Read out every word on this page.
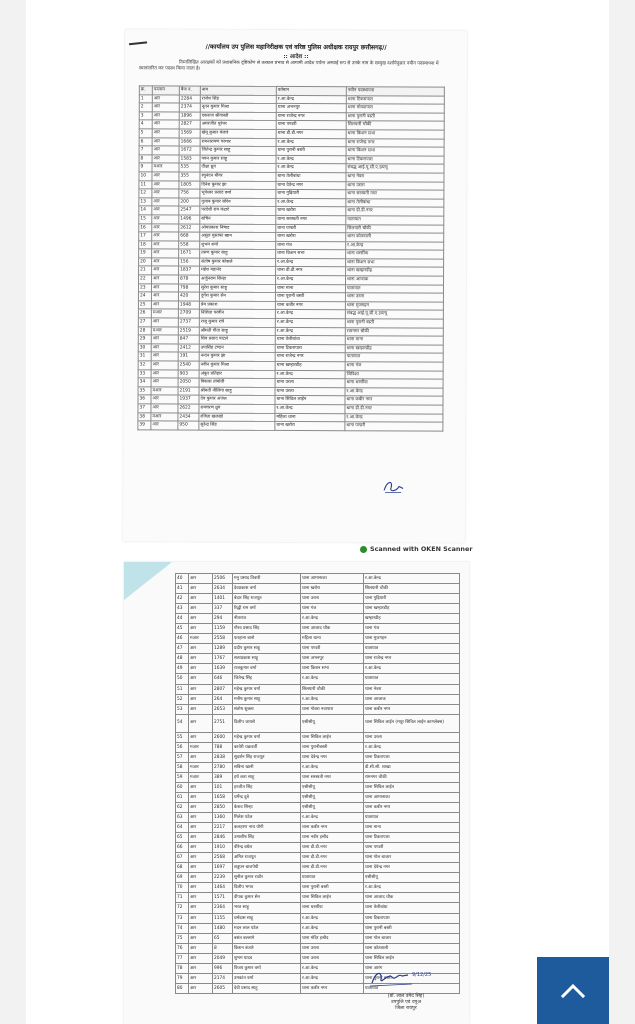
//कार्यालय उप पुलिस महानिरीक्षक एवं वरिष्ठ पुलिस अधीक्षक रायपुर छत्तीसगढ़//
:: आदेश ::
निम्नलिखित आरक्षकों को प्रशासनिक दृष्टिकोण से तत्काल प्रभाव से आगामी आदेश पर्यन्त अस्थाई रूप से उनके नाम के सम्मुख दर्शायेनुसार नवीन पदस्थापना में स्थानांतरित कर पदस्थ किया जाता है।
क्र.	पदनाम	बैज न.	नाम	वर्तमान	नवीन पदस्थापना
1	आर	2284	राजेश सिंह	र.आ.केन्द्र	थाना टिकरापारा
2	आर	2374	नूतन कुमार मिश्रा	थाना अभनपुर	थाना मोवदापारा
3	आर	1896	एकराज श्रीवास्ती	थाना राजेन्द्र नगर	थाना पुरानी बस्ती
4	आर	2827	अमरजीत धुरंधर	थाना पण्डरी	सिलयारी चौकी
5	आर	1569	खेमू कुमार बंजारे	थाना डी.डी.नगर	थाना किशन सभा
6	आर	1666	रामनारायण परमार	र.आ.केन्द्र	थाना राजेन्द्र नगर
7	आर	1672	जितेन्द्र कुमार साहू	थाना पुरानी बस्ती	थाना किशन सभा
8	आर	1583	पवन कुमार साहू	र.आ.केन्द्र	थाना टिकरापारा
9	मआर	535	दीक्षा ध्रुव	र.आ.केन्द्र	संबद्ध आई.यू.सी.ए.डब्ल्यू
10	आर	355	रघुनंदन धीवर	थाना तेलीबांधा	थाना नेवरा
11	आर	1805	दिनेश कुमार झा	थाना देवेन्द्र नगर	थाना उरला
12	आर	756	भूपेश्वर प्रसाद वर्मा	थाना गुढ़ियारी	थाना सरस्वती नगर
13	आर	200	गुलाब कुमार सोरेन	र.आ.केन्द्र	थाना तेलीबांधा
14	आर	2547	परदेशी राम कटारे	थाना खरोरा	थाना डी.डी.नगर
15	आर	1496	सचिन	थाना सरस्वती नगर	यातायात
16	आर	2612	ओमप्रकाश निषाद	थाना पण्डरी	सिलयारी चौकी
17	आर	668	असुल मुस्तफा खान	थाना खरोरा	थाना कोतवाली
18	आर	558	शुभम शर्मा	थाना गंज	र.आ.केन्द्र
19	आर	1671	तरुण कुमार साहू	थाना किशन सभा	थाना धरसींवा
20	आर	156	संतोष कुमार कोसले	र.आ.केन्द्र	थाना किशन सभा
21	आर	1837	महेश महानंद	थाना डी.डी.नगर	थाना खम्हारडीह
22	आर	878	अर्जुनराम सिन्हा	र.आ.केन्द्र	थाना आजाक
23	आर	798	सुरेश कुमार साहू	थाना माना	यातायात
24	आर	420	दुर्गेश कुमार सेन	थाना पुरानी बस्ती	थाना उरला
25	आर	1948	प्रेम प्रकाश	थाना कबीर नगर	थाना मुजगहन
26	मआर	2709	निशिता परवीन	र.आ.केन्द्र	संबद्ध आई.यू.सी.ए.डब्ल्यू
27	आर	2737	राजू कुमार रात्रे	र.आ.केन्द्र	थाना पुरानी बस्ती
28	मआर	2519	श्रीमती गीता साहू	र.आ.केन्द्र	रामनगर चौकी
29	आर	847	शिव प्रसाद पाटले	थाना तेलीबांधा	थाना माना
30	आर	2412	उपासिंह टण्डन	थाना टिकरापारा	थाना खम्हारडीह
31	आर	191	नन्दन कुमार झा	थाना राजेन्द्र नगर	यातायात
32	आर	2540	नवीन कुमार मिश्रा	थाना खम्हारडीह	थाना गंज
33	आर	903	अंकुर प्रतिहार	र.आ.केन्द्र	जिविशा
34	आर	2050	विकास तांबोली	थाना उरला	थाना धरसींवा
35	मआर	2191	श्रीमती नीलिमा साहू	थाना उरला	र.आ.केन्द्र
36	आर	1937	देव कुमार अजल	थाना सिविल लाईन	थाना कबीर नगर
37	आर	2622	रामचरण ध्रुव	र.आ.केन्द्र	थाना डी.डी.नगर
38	मआर	2434	रजिता खलखो	महिला थाना	र.आ.केन्द्र
39	आर	950	सुरेन्द्र सिंह	थाना खरोरा	थाना पण्डरी
Scanned with OKEN Scanner
40	आर	2506	मनु प्रसाद तिवारी	थाना आमानाका	र.आ.केन्द्र
41	आर	2634	देवप्रकाश वर्मा	थाना खरोरा	सिलयारी चौकी
42	आर	1401	बेदार सिंह राजपूत	थाना उरला	थाना गुढ़ियारी
43	आर	337	रिद्धी राम वर्मा	थाना गंज	थाना खम्हारडीह
44	आर	294	नीतराज	र.आ.केन्द्र	खम्हारडीह
45	आर	1159	गौरव प्रसाद सिंह	थाना आजाद चौक	थाना गंज
46	मआर	2558	फरहाना बानो	महिला थाना	थाना मुजगहन
47	आर	1289	प्रदीप कुमार साहू	थाना पण्डरी	यातायात
48	आर	1767	सत्यप्रकाश साहू	थाना अभनपुर	थाना राजेन्द्र नगर
49	आर	1639	राजकुमार वर्मा	थाना किशन सभा	र.आ.केन्द्र
50	आर	646	जितेन्द्र सिंह	र.आ.केन्द्र	यातायात
51	आर	2807	महेन्द्र कुमार वर्मा	सिलयारी चौकी	थाना नेवरा
52	आर	264	मनीष कुमार साहू	र.आ.केन्द्र	थाना आजाक
53	आर	2653	संतोष शुक्ला	थाना गोबरा नवापारा	थाना कबीर नगर
54	आर	2751	दिलीप जायसे	एसीसीयू	थाना सिविल लाईन (मयूर सिविल लाईन काम्प्लेक्स)
55	आर	2600	महेन्द्र कुमार वर्मा	थाना सिविल लाईन	थाना उरला
56	मआर	788	कावेरी चक्रवर्ती	थाना पुरानीबस्ती	र.आ.केन्द्र
57	आर	2838	सुदर्शन सिंह राजपूत	थाना देवेन्द्र नगर	थाना टिकरापारा
58	मआर	2780	सबिना खानी	र.आ.केन्द्र	डी.सी.सी. शाखा
59	मआर	389	हर्ष लता साहू	थाना सरस्वती नगर	रामनगर चौकी
60	आर	101	हरजीत सिंह	एसीसीयू	थाना सिविल लाईन
61	आर	1658	धर्मेन्द्र दुबे	एसीसीयू	थाना आमानाका
62	आर	2850	केशव सिन्हा	एसीसीयू	थाना कबीर नगर
63	आर	1360	मिलेश पटेल	र.आ.केन्द्र	यातायात
64	आर	2217	कलहरण नाथ योगी	थाना कबीर नगर	थाना माना
65	आर	2846	उमाशीष सिंह	थाना नवीर हसौद	थाना टिकरापारा
66	आर	1910	वीरेन्द्र बघेल	थाना डी.डी.नगर	थाना पण्डरी
67	आर	2568	अमित राजपूत	थाना डी.डी.नगर	थाना गोल बाजार
68	आर	1697	शत्रुघन बाजपेयी	थाना डी.डी.नगर	थाना देवेन्द्र नगर
69	आर	2239	सुनील कुमार राठौर	यातायात	एसीसीयू
70	आर	1464	दिलीप भगत	थाना पुरानी बस्ती	र.आ.केन्द्र
71	आर	1571	दीपक कुमार सेन	थाना सिविल लाईन	थाना आजाद चौक
72	आर	2364	भरत साहू	थाना धरसींवा	थाना तेलीबांधा
73	आर	1155	धर्मदास साहू	र.आ.केन्द्र	थाना टिकरापारा
74	आर	1480	मदन लाल पटेल	र.आ.केन्द्र	थाना पुरानी बस्ती
75	आर	65	बसंत बल्लामे	थाना मंदिर हसौद	थाना गोल बाजार
76	आर	8	किशन बंजारे	थाना उरला	थाना कोतवाली
77	आर	2049	शुभम यादव	थाना उरला	थाना सिविल लाईन
78	आर	996	विजय कुमार वर्मा	र.आ.केन्द्र	थाना आरंग
79	आर	2174	उमकांत वर्मा	र.आ.केन्द्र	थाना पुरानी बस्ती
80	आर	2605	देवी प्रसाद साहू	थाना कबीर नगर	यातायात
9/12/25
(डॉ. लाल उमेद सिंह)
उपपुलि एवं वपुअ
जिला रायपुर
